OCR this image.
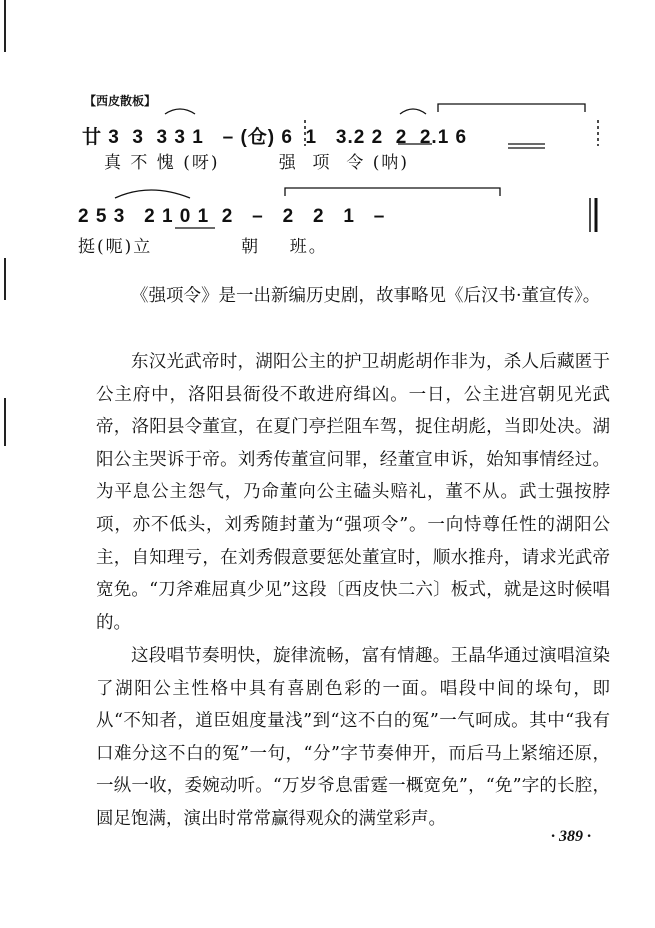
【西皮散板】
廿 3  3  3 3 1   – (仓) 6  1   3.2 2  2  2.1 6
真 不 愧 (呀)        强  项  令 (呐)
2 5 3   2 1 0 1  2   –   2   2   1   –
挺(呃)立            朝    班。
《强项令》是一出新编历史剧，故事略见《后汉书·董宣传》。
东汉光武帝时，湖阳公主的护卫胡彪胡作非为，杀人后藏匿于公主府中，洛阳县衙役不敢进府缉凶。一日，公主进宫朝见光武帝，洛阳县令董宣，在夏门亭拦阻车驾，捉住胡彪，当即处决。湖阳公主哭诉于帝。刘秀传董宣问罪，经董宣申诉，始知事情经过。为平息公主怨气，乃命董向公主磕头赔礼，董不从。武士强按脖项，亦不低头，刘秀随封董为“强项令”。一向恃尊任性的湖阳公主，自知理亏，在刘秀假意要惩处董宣时，顺水推舟，请求光武帝宽免。“刀斧难屈真少见”这段〔西皮快二六〕板式，就是这时候唱的。
这段唱节奏明快，旋律流畅，富有情趣。王晶华通过演唱渲染了湖阳公主性格中具有喜剧色彩的一面。唱段中间的垛句，即从“不知者，道臣姐度量浅”到“这不白的冤”一气呵成。其中“我有口难分这不白的冤”一句，“分”字节奏伸开，而后马上紧缩还原，一纵一收，委婉动听。“万岁爷息雷霆一概宽免”，“免”字的长腔，圆足饱满，演出时常常赢得观众的满堂彩声。
· 389 ·
